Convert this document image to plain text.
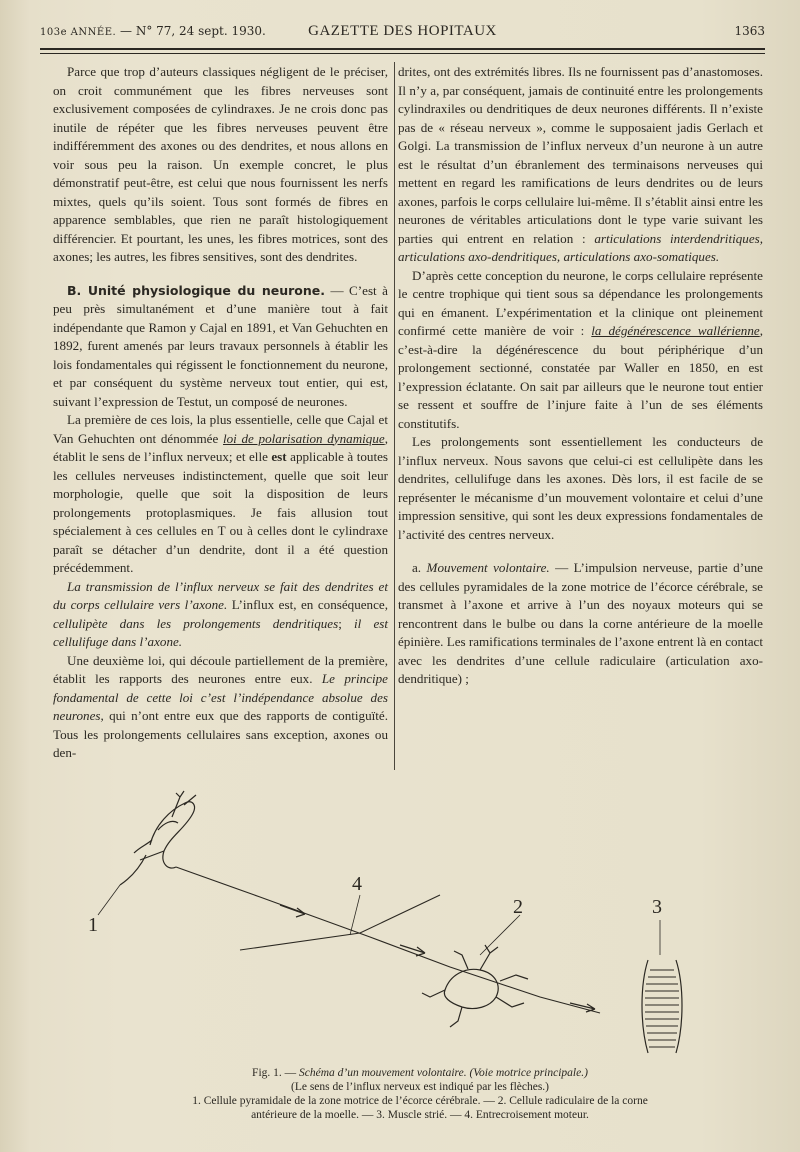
103e ANNÉE. — N° 77, 24 sept. 1930.	GAZETTE DES HOPITAUX	1363

Parce que trop d’auteurs classiques négligent de le préciser, on croit communément que les fibres nerveuses sont exclusivement composées de cylindraxes. Je ne crois donc pas inutile de répéter que les fibres nerveuses peuvent être indifféremment des axones ou des dendrites, et nous allons en voir sous peu la raison. Un exemple concret, le plus démonstratif peut-être, est celui que nous fournissent les nerfs mixtes, quels qu’ils soient. Tous sont formés de fibres en apparence semblables, que rien ne paraît histologiquement différencier. Et pourtant, les unes, les fibres motrices, sont des axones; les autres, les fibres sensitives, sont des dendrites.

B. Unité physiologique du neurone. — C’est à peu près simultanément et d’une manière tout à fait indépendante que Ramon y Cajal en 1891, et Van Gehuchten en 1892, furent amenés par leurs travaux personnels à établir les lois fondamentales qui régissent le fonctionnement du neurone, et par conséquent du système nerveux tout entier, qui est, suivant l’expression de Testut, un composé de neurones.

La première de ces lois, la plus essentielle, celle que Cajal et Van Gehuchten ont dénommée loi de polarisation dynamique, établit le sens de l’influx nerveux; et elle est applicable à toutes les cellules nerveuses indistinctement, quelle que soit leur morphologie, quelle que soit la disposition de leurs prolongements protoplasmiques. Je fais allusion tout spécialement à ces cellules en T ou à celles dont le cylindraxe paraît se détacher d’un dendrite, dont il a été question précédemment.

La transmission de l’influx nerveux se fait des dendrites et du corps cellulaire vers l’axone. L’influx est, en conséquence, cellulipète dans les prolongements dendritiques; il est cellulifuge dans l’axone.

Une deuxième loi, qui découle partiellement de la première, établit les rapports des neurones entre eux. Le principe fondamental de cette loi c’est l’indépendance absolue des neurones, qui n’ont entre eux que des rapports de contiguïté. Tous les prolongements cellulaires sans exception, axones ou den-

drites, ont des extrémités libres. Ils ne fournissent pas d’anastomoses. Il n’y a, par conséquent, jamais de continuité entre les prolongements cylindraxiles ou dendritiques de deux neurones différents. Il n’existe pas de « réseau nerveux », comme le supposaient jadis Gerlach et Golgi. La transmission de l’influx nerveux d’un neurone à un autre est le résultat d’un ébranlement des terminaisons nerveuses qui mettent en regard les ramifications de leurs dendrites ou de leurs axones, parfois le corps cellulaire lui-même. Il s’établit ainsi entre les neurones de véritables articulations dont le type varie suivant les parties qui entrent en relation : articulations interdendritiques, articulations axo-dendritiques, articulations axo-somatiques.

D’après cette conception du neurone, le corps cellulaire représente le centre trophique qui tient sous sa dépendance les prolongements qui en émanent. L’expérimentation et la clinique ont pleinement confirmé cette manière de voir : la dégénérescence wallérienne, c’est-à-dire la dégénérescence du bout périphérique d’un prolongement sectionné, constatée par Waller en 1850, en est l’expression éclatante. On sait par ailleurs que le neurone tout entier se ressent et souffre de l’injure faite à l’un de ses éléments constitutifs.

Les prolongements sont essentiellement les conducteurs de l’influx nerveux. Nous savons que celui-ci est cellulipète dans les dendrites, cellulifuge dans les axones. Dès lors, il est facile de se représenter le mécanisme d’un mouvement volontaire et celui d’une impression sensitive, qui sont les deux expressions fondamentales de l’activité des centres nerveux.

a. Mouvement volontaire. — L’impulsion nerveuse, partie d’une des cellules pyramidales de la zone motrice de l’écorce cérébrale, se transmet à l’axone et arrive à l’un des noyaux moteurs qui se rencontrent dans le bulbe ou dans la corne antérieure de la moelle épinière. Les ramifications terminales de l’axone entrent là en contact avec les dendrites d’une cellule radiculaire (articulation axo-dendritique) ;

1
4
2	3
Fig. 1. — Schéma d’un mouvement volontaire. (Voie motrice principale.)
(Le sens de l’influx nerveux est indiqué par les flèches.)
1. Cellule pyramidale de la zone motrice de l’écorce cérébrale. — 2. Cellule radiculaire de la corne
antérieure de la moelle. — 3. Muscle strié. — 4. Entrecroisement moteur.
